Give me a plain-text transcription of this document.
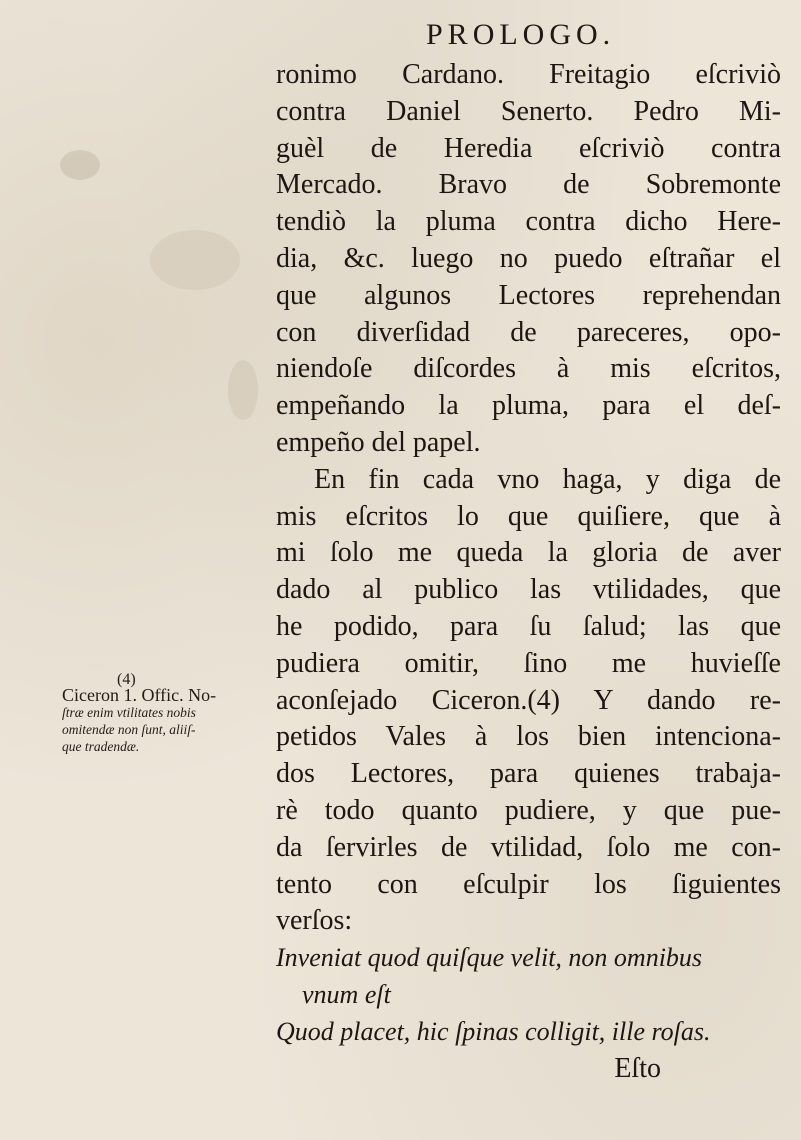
PROLOGO.
ronimo Cardano. Freitagio eſcriviò
contra Daniel Senerto. Pedro Mi-
guèl de Heredia eſcriviò contra
Mercado. Bravo de Sobremonte
tendiò la pluma contra dicho Here-
dia, &c. luego no puedo eſtrañar el
que algunos Lectores reprehendan
con diverſidad de pareceres, opo-
niendoſe diſcordes à mis eſcritos,
empeñando la pluma, para el deſ-
empeño del papel.
En fin cada vno haga, y diga de
mis eſcritos lo que quiſiere, que à
mi ſolo me queda la gloria de aver
dado al publico las vtilidades, que
he podido, para ſu ſalud; las que
pudiera omitir, ſino me huvieſſe
aconſejado Ciceron.(4) Y dando re-
petidos Vales à los bien intenciona-
dos Lectores, para quienes trabaja-
rè todo quanto pudiere, y que pue-
da ſervirles de vtilidad, ſolo me con-
tento con eſculpir los ſiguientes
verſos:
Inveniat quod quiſque velit, non omnibus
vnum eſt
Quod placet, hic ſpinas colligit, ille roſas.
Eſto
(4)
Ciceron 1. Offic. No-
ſtræ enim vtilitates nobis
omitendæ non ſunt, aliiſ-
que tradendæ.
